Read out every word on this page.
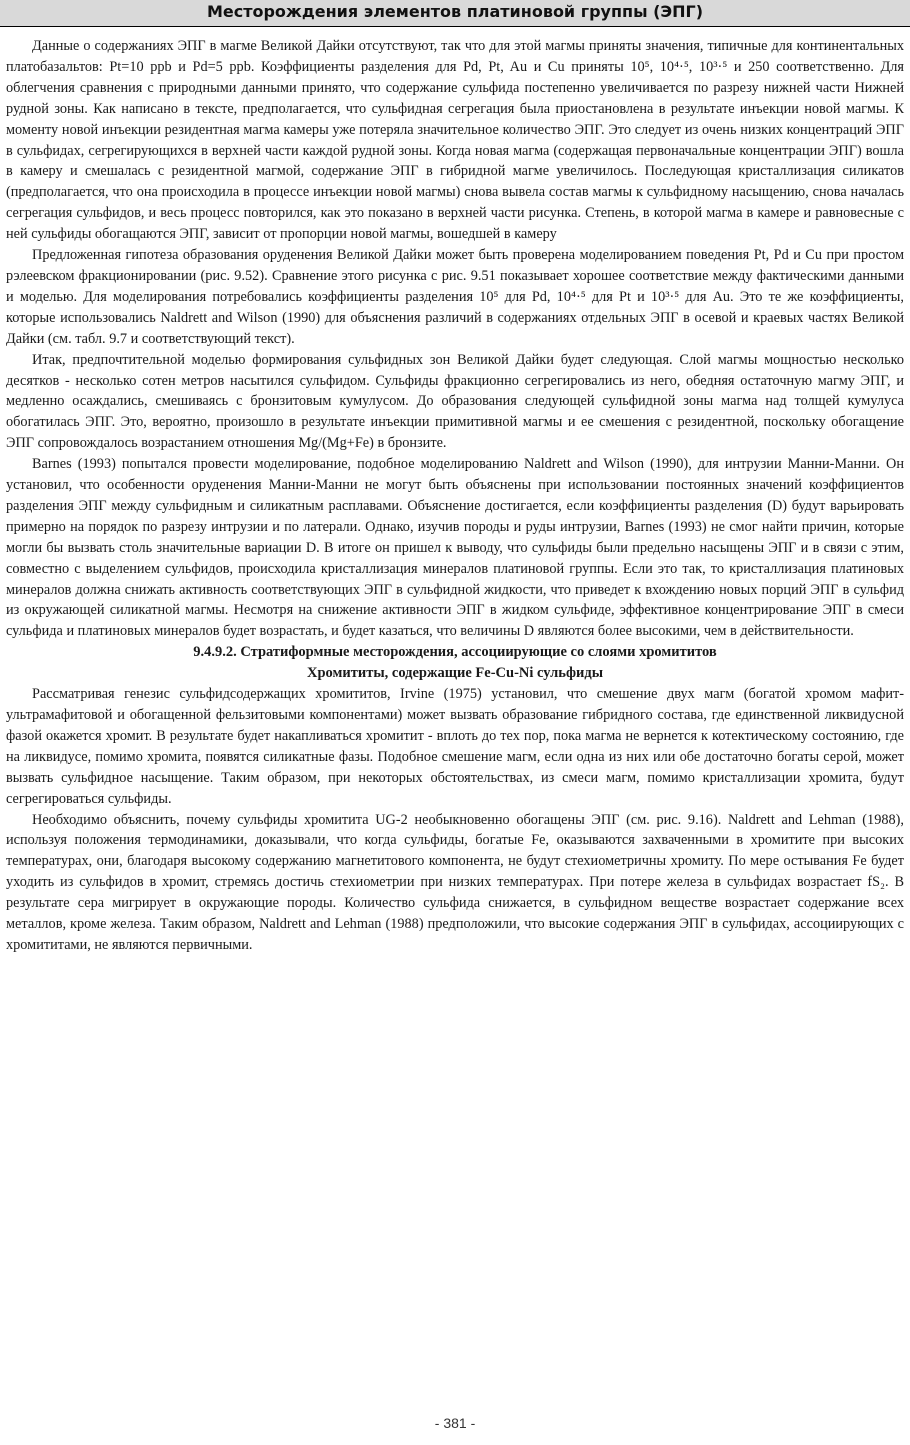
Месторождения элементов платиновой группы (ЭПГ)

Данные о содержаниях ЭПГ в магме Великой Дайки отсутствуют, так что для этой магмы приняты значения, типичные для континентальных платобазальтов: Pt=10 ppb и Pd=5 ppb. Коэффициенты разделения для Pd, Pt, Au и Cu приняты 10⁵, 10⁴·⁵, 10³·⁵ и 250 соответственно. Для облегчения сравнения с природными данными принято, что содержание сульфида постепенно увеличивается по разрезу нижней части Нижней рудной зоны. Как написано в тексте, предполагается, что сульфидная сегрегация была приостановлена в результате инъекции новой магмы. К моменту новой инъекции резидентная магма камеры уже потеряла значительное количество ЭПГ. Это следует из очень низких концентраций ЭПГ в сульфидах, сегрегирующихся в верхней части каждой рудной зоны. Когда новая магма (содержащая первоначальные концентрации ЭПГ) вошла в камеру и смешалась с резидентной магмой, содержание ЭПГ в гибридной магме увеличилось. Последующая кристаллизация силикатов (предполагается, что она происходила в процессе инъекции новой магмы) снова вывела состав магмы к сульфидному насыщению, снова началась сегрегация сульфидов, и весь процесс повторился, как это показано в верхней части рисунка. Степень, в которой магма в камере и равновесные с ней сульфиды обогащаются ЭПГ, зависит от пропорции новой магмы, вошедшей в камеру

Предложенная гипотеза образования оруденения Великой Дайки может быть проверена моделированием поведения Pt, Pd и Cu при простом рэлеевском фракционировании (рис. 9.52). Сравнение этого рисунка с рис. 9.51 показывает хорошее соответствие между фактическими данными и моделью. Для моделирования потребовались коэффициенты разделения 10⁵ для Pd, 10⁴·⁵ для Pt и 10³·⁵ для Au. Это те же коэффициенты, которые использовались Naldrett and Wilson (1990) для объяснения различий в содержаниях отдельных ЭПГ в осевой и краевых частях Великой Дайки (см. табл. 9.7 и соответствующий текст).

Итак, предпочтительной моделью формирования сульфидных зон Великой Дайки будет следующая. Слой магмы мощностью несколько десятков - несколько сотен метров насытился сульфидом. Сульфиды фракционно сегрегировались из него, обедняя остаточную магму ЭПГ, и медленно осаждались, смешиваясь с бронзитовым кумулусом. До образования следующей сульфидной зоны магма над толщей кумулуса обогатилась ЭПГ. Это, вероятно, произошло в результате инъекции примитивной магмы и ее смешения с резидентной, поскольку обогащение ЭПГ сопровождалось возрастанием отношения Mg/(Mg+Fe) в бронзите.

Barnes (1993) попытался провести моделирование, подобное моделированию Naldrett and Wilson (1990), для интрузии Манни-Манни. Он установил, что особенности оруденения Манни-Манни не могут быть объяснены при использовании постоянных значений коэффициентов разделения ЭПГ между сульфидным и силикатным расплавами. Объяснение достигается, если коэффициенты разделения (D) будут варьировать примерно на порядок по разрезу интрузии и по латерали. Однако, изучив породы и руды интрузии, Barnes (1993) не смог найти причин, которые могли бы вызвать столь значительные вариации D. В итоге он пришел к выводу, что сульфиды были предельно насыщены ЭПГ и в связи с этим, совместно с выделением сульфидов, происходила кристаллизация минералов платиновой группы. Если это так, то кристаллизация платиновых минералов должна снижать активность соответствующих ЭПГ в сульфидной жидкости, что приведет к вхождению новых порций ЭПГ в сульфид из окружающей силикатной магмы. Несмотря на снижение активности ЭПГ в жидком сульфиде, эффективное концентрирование ЭПГ в смеси сульфида и платиновых минералов будет возрастать, и будет казаться, что величины D являются более высокими, чем в действительности.

9.4.9.2. Стратиформные месторождения, ассоциирующие со слоями хромититов

Хромититы, содержащие Fe-Cu-Ni сульфиды

Рассматривая генезис сульфидсодержащих хромититов, Irvine (1975) установил, что смешение двух магм (богатой хромом мафит-ультрамафитовой и обогащенной фельзитовыми компонентами) может вызвать образование гибридного состава, где единственной ликвидусной фазой окажется хромит. В результате будет накапливаться хромитит - вплоть до тех пор, пока магма не вернется к котектическому состоянию, где на ликвидусе, помимо хромита, появятся силикатные фазы. Подобное смешение магм, если одна из них или обе достаточно богаты серой, может вызвать сульфидное насыщение. Таким образом, при некоторых обстоятельствах, из смеси магм, помимо кристаллизации хромита, будут сегрегироваться сульфиды.

Необходимо объяснить, почему сульфиды хромитита UG-2 необыкновенно обогащены ЭПГ (см. рис. 9.16). Naldrett and Lehman (1988), используя положения термодинамики, доказывали, что когда сульфиды, богатые Fe, оказываются захваченными в хромитите при высоких температурах, они, благодаря высокому содержанию магнетитового компонента, не будут стехиометричны хромиту. По мере остывания Fe будет уходить из сульфидов в хромит, стремясь достичь стехиометрии при низких температурах. При потере железа в сульфидах возрастает fS₂. В результате сера мигрирует в окружающие породы. Количество сульфида снижается, в сульфидном веществе возрастает содержание всех металлов, кроме железа. Таким образом, Naldrett and Lehman (1988) предположили, что высокие содержания ЭПГ в сульфидах, ассоциирующих с хромититами, не являются первичными.

- 381 -
